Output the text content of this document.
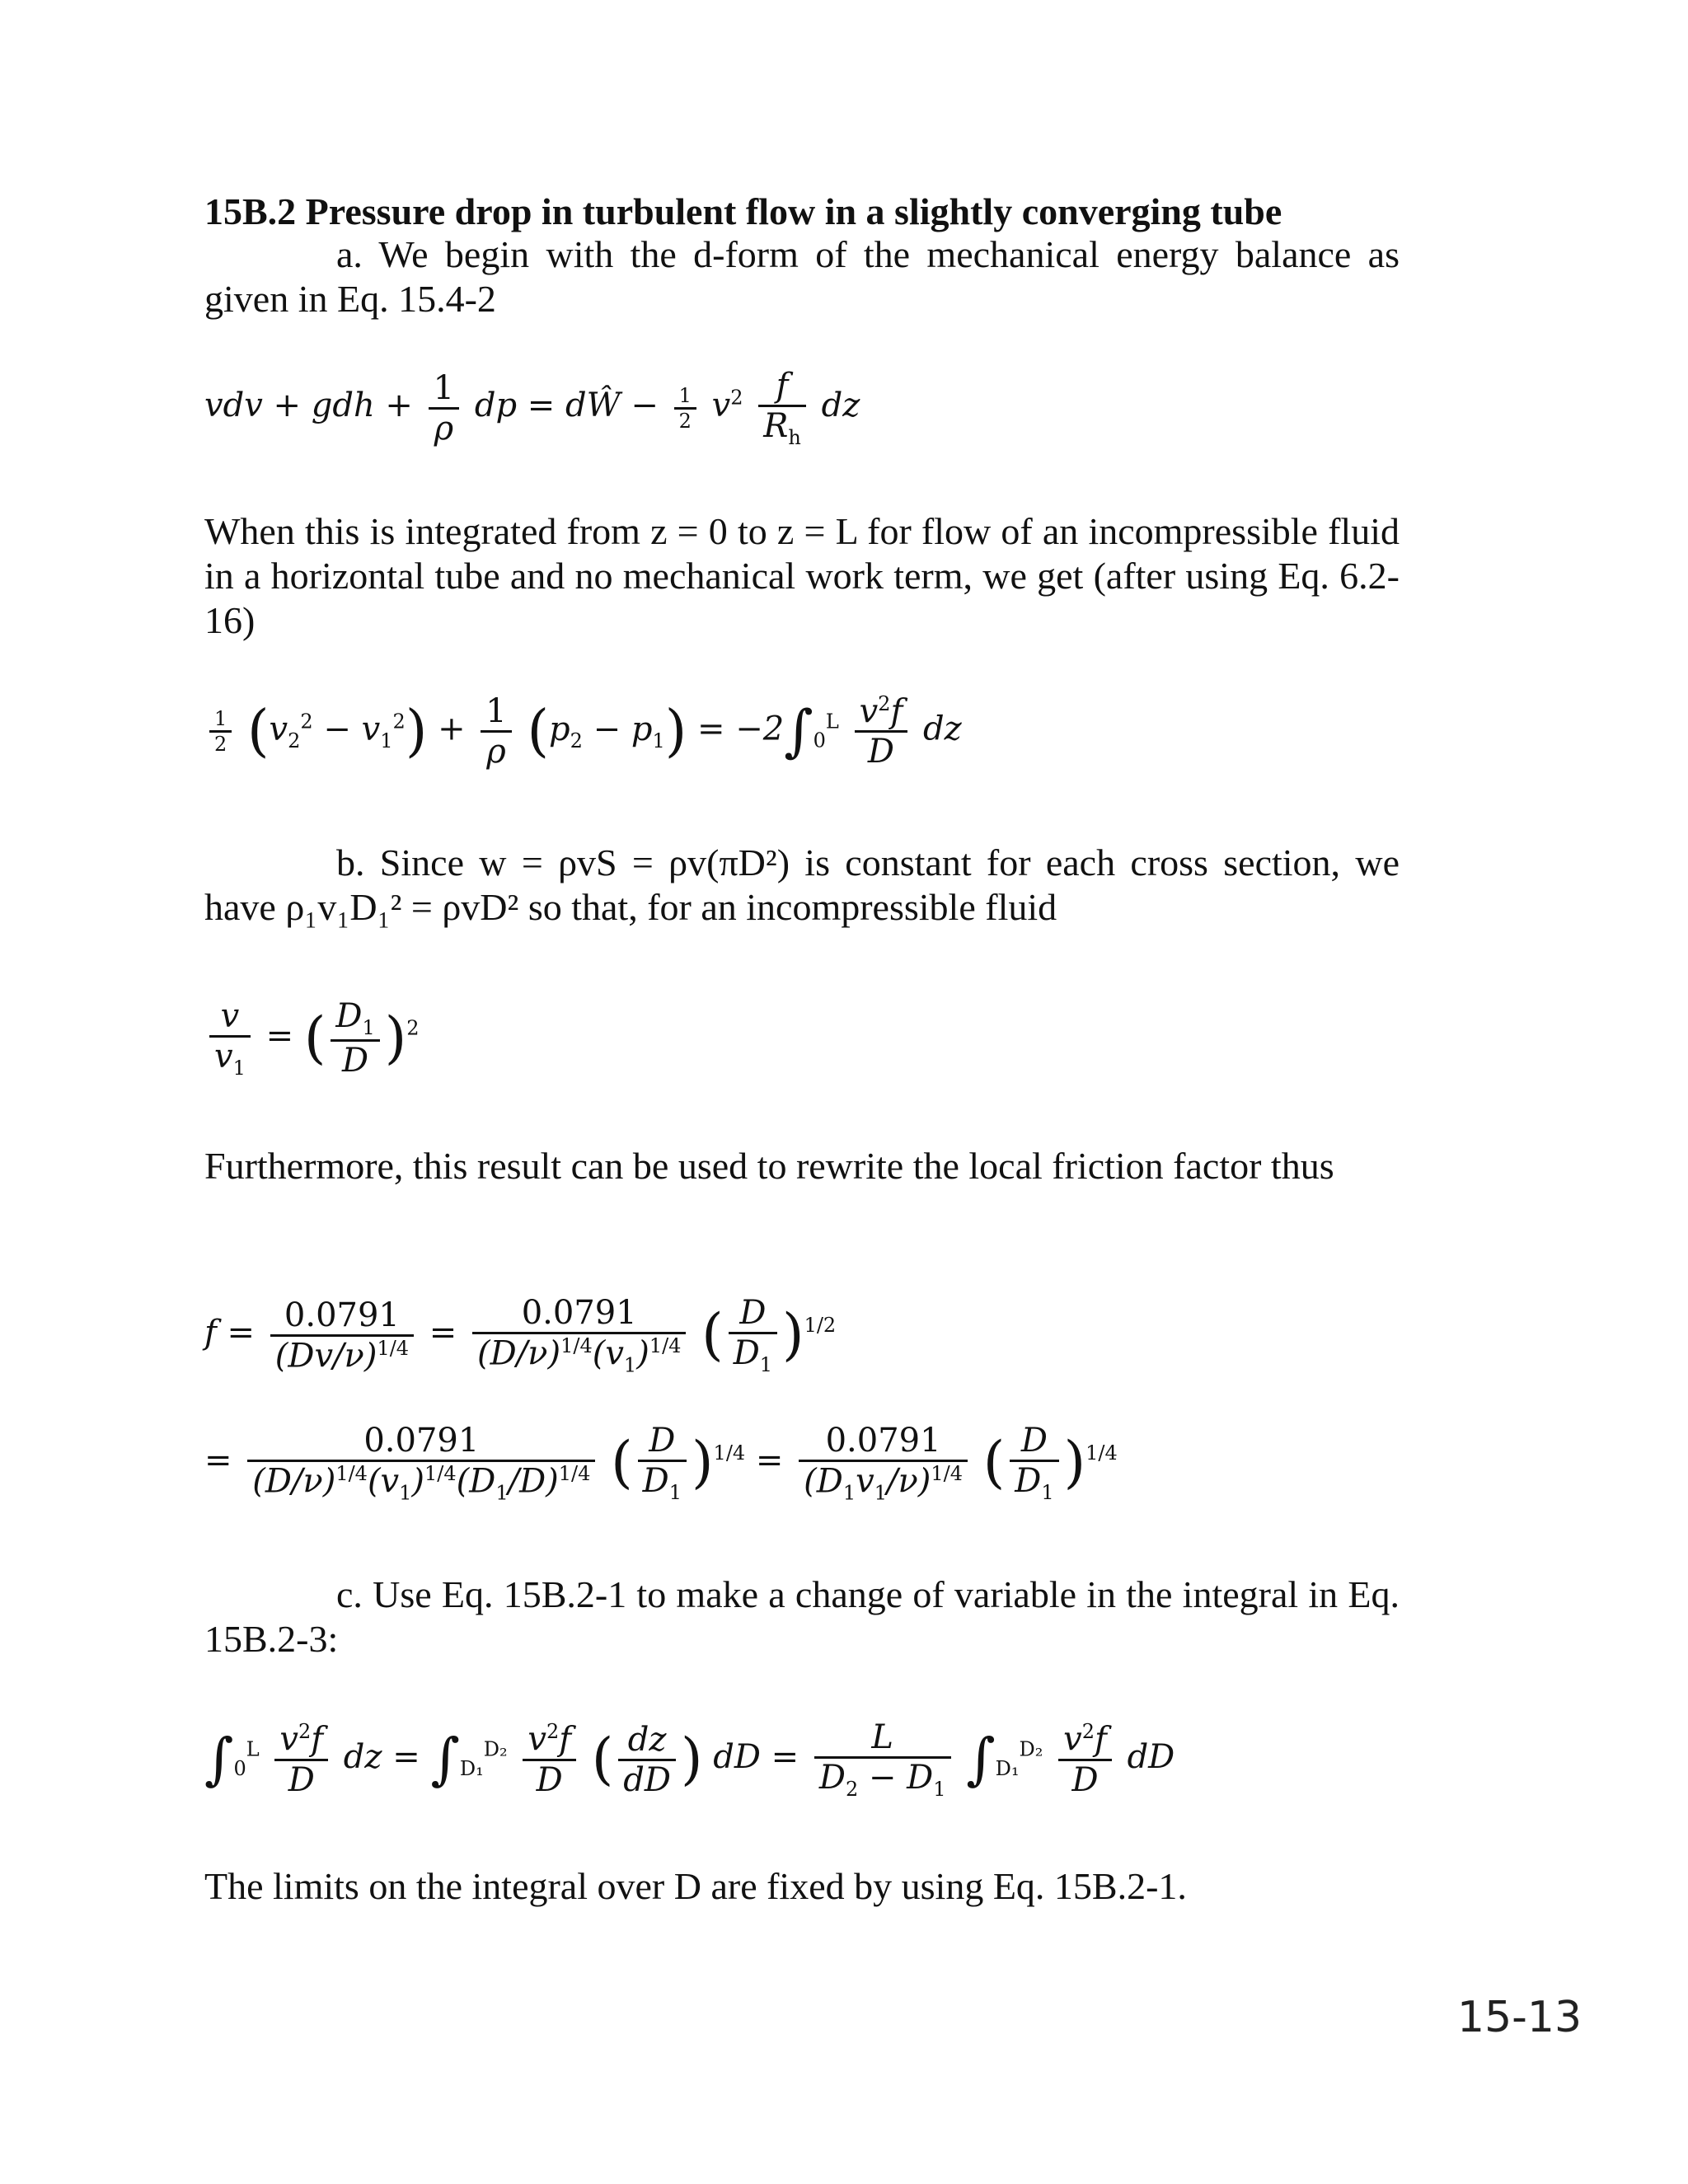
15B.2 Pressure drop in turbulent flow in a slightly converging tube
a. We begin with the d-form of the mechanical energy balance as given in Eq. 15.4-2
vdv + gdh + $\frac{1}{\rho}$ dp = dŴ − $\frac{1}{2} v^2 \frac{f}{R_h}$ dz
When this is integrated from z = 0 to z = L for flow of an incompressible fluid in a horizontal tube and no mechanical work term, we get (after using Eq. 6.2-16)
$\frac{1}{2} (v_2^2 - v_1^2) + \frac{1}{\rho} (p_2 - p_1) = -2\int_0^L \frac{v^2f}{D}$ dz
b. Since w = ρvS = ρv(πD²) is constant for each cross section, we have ρ₁v₁D₁² = ρvD² so that, for an incompressible fluid
$\frac{v}{v_1}$ = ( $\frac{D_1}{D} )^2$
Furthermore, this result can be used to rewrite the local friction factor thus
$f = \frac{0.0791}{(Dv/\nu)^{1/4}} = \frac{0.0791}{(D/\nu)^{1/4}(v_1)^{1/4}}$ ( $\frac{D}{D_1} )^{1/2}$
= $\frac{0.0791}{(D/\nu)^{1/4}(v_1)^{1/4}(D_1/D)^{1/4}}$ ( $\frac{D}{D_1} )^{1/4} = \frac{0.0791}{(D_1v_1/\nu)^{1/4}}$ ( $\frac{D}{D_1} )^{1/4}$
c. Use Eq. 15B.2-1 to make a change of variable in the integral in Eq. 15B.2-3:
$\int_0^L \frac{v^2f}{D}$ dz = $\int_{D_1}^{D_2} \frac{v^2f}{D}$ ( $\frac{dz}{dD}$ ) dD = $\frac{L}{D_2 - D_1} \int_{D_1}^{D_2} \frac{v^2f}{D}$ dD
The limits on the integral over D are fixed by using Eq. 15B.2-1.
15-13
